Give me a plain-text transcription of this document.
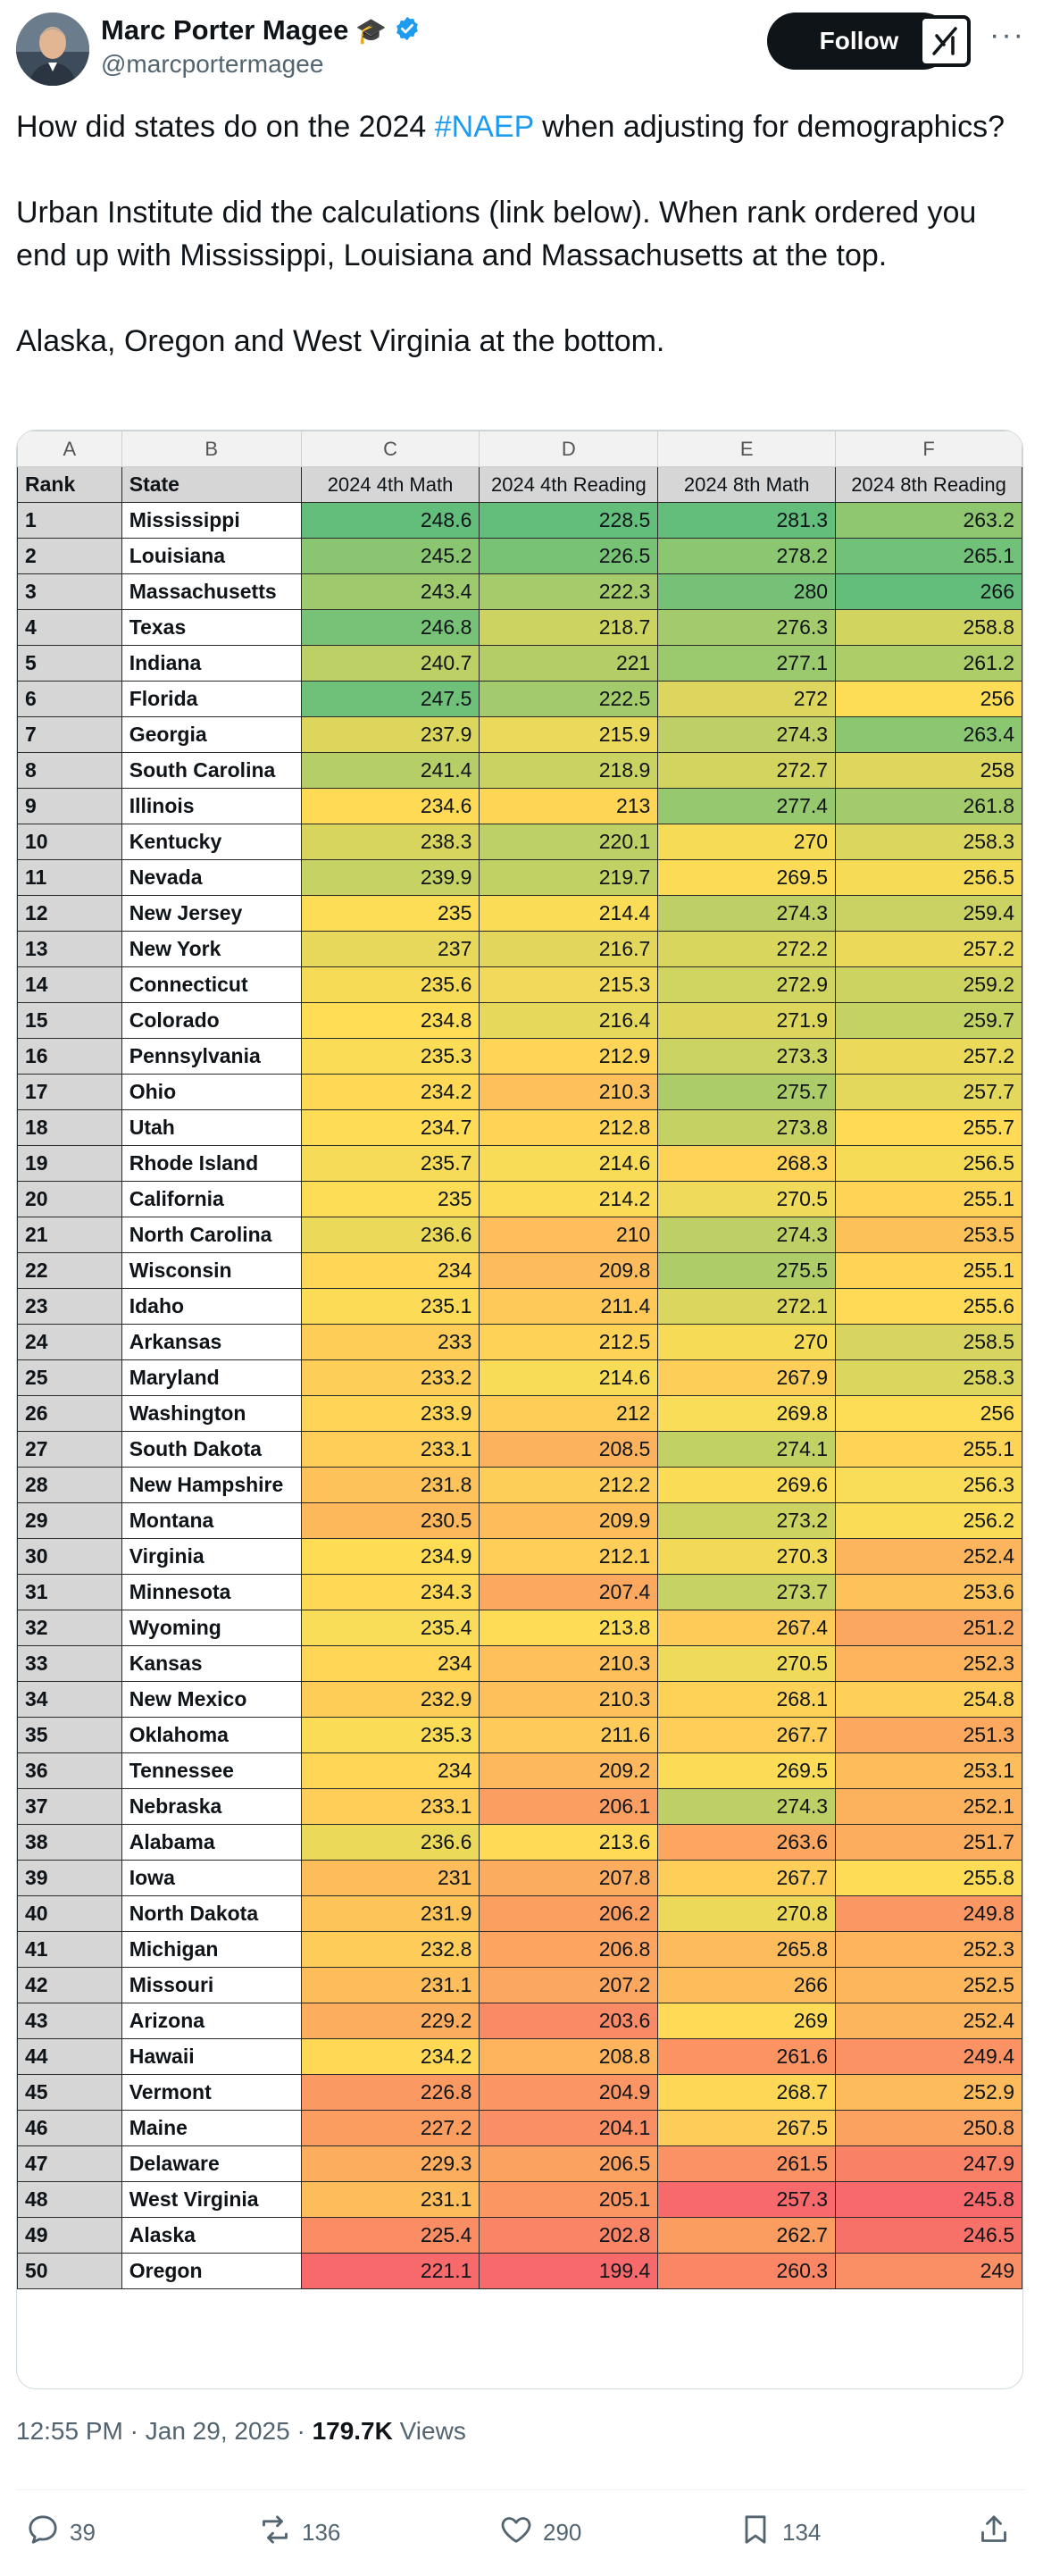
Marc Porter Magee 🎓
@marcportermagee
Follow	···
How did states do on the 2024 #NAEP when adjusting for demographics?

Urban Institute did the calculations (link below). When rank ordered you end up with Mississippi, Louisiana and Massachusetts at the top.

Alaska, Oregon and West Virginia at the bottom.
A	B	C	D	E	F
Rank	State	2024 4th Math	2024 4th Reading	2024 8th Math	2024 8th Reading
1	Mississippi	248.6	228.5	281.3	263.2
2	Louisiana	245.2	226.5	278.2	265.1
3	Massachusetts	243.4	222.3	280	266
4	Texas	246.8	218.7	276.3	258.8
5	Indiana	240.7	221	277.1	261.2
6	Florida	247.5	222.5	272	256
7	Georgia	237.9	215.9	274.3	263.4
8	South Carolina	241.4	218.9	272.7	258
9	Illinois	234.6	213	277.4	261.8
10	Kentucky	238.3	220.1	270	258.3
11	Nevada	239.9	219.7	269.5	256.5
12	New Jersey	235	214.4	274.3	259.4
13	New York	237	216.7	272.2	257.2
14	Connecticut	235.6	215.3	272.9	259.2
15	Colorado	234.8	216.4	271.9	259.7
16	Pennsylvania	235.3	212.9	273.3	257.2
17	Ohio	234.2	210.3	275.7	257.7
18	Utah	234.7	212.8	273.8	255.7
19	Rhode Island	235.7	214.6	268.3	256.5
20	California	235	214.2	270.5	255.1
21	North Carolina	236.6	210	274.3	253.5
22	Wisconsin	234	209.8	275.5	255.1
23	Idaho	235.1	211.4	272.1	255.6
24	Arkansas	233	212.5	270	258.5
25	Maryland	233.2	214.6	267.9	258.3
26	Washington	233.9	212	269.8	256
27	South Dakota	233.1	208.5	274.1	255.1
28	New Hampshire	231.8	212.2	269.6	256.3
29	Montana	230.5	209.9	273.2	256.2
30	Virginia	234.9	212.1	270.3	252.4
31	Minnesota	234.3	207.4	273.7	253.6
32	Wyoming	235.4	213.8	267.4	251.2
33	Kansas	234	210.3	270.5	252.3
34	New Mexico	232.9	210.3	268.1	254.8
35	Oklahoma	235.3	211.6	267.7	251.3
36	Tennessee	234	209.2	269.5	253.1
37	Nebraska	233.1	206.1	274.3	252.1
38	Alabama	236.6	213.6	263.6	251.7
39	Iowa	231	207.8	267.7	255.8
40	North Dakota	231.9	206.2	270.8	249.8
41	Michigan	232.8	206.8	265.8	252.3
42	Missouri	231.1	207.2	266	252.5
43	Arizona	229.2	203.6	269	252.4
44	Hawaii	234.2	208.8	261.6	249.4
45	Vermont	226.8	204.9	268.7	252.9
46	Maine	227.2	204.1	267.5	250.8
47	Delaware	229.3	206.5	261.5	247.9
48	West Virginia	231.1	205.1	257.3	245.8
49	Alaska	225.4	202.8	262.7	246.5
50	Oregon	221.1	199.4	260.3	249
12:55 PM · Jan 29, 2025 · 179.7K Views
39	136	290	134
